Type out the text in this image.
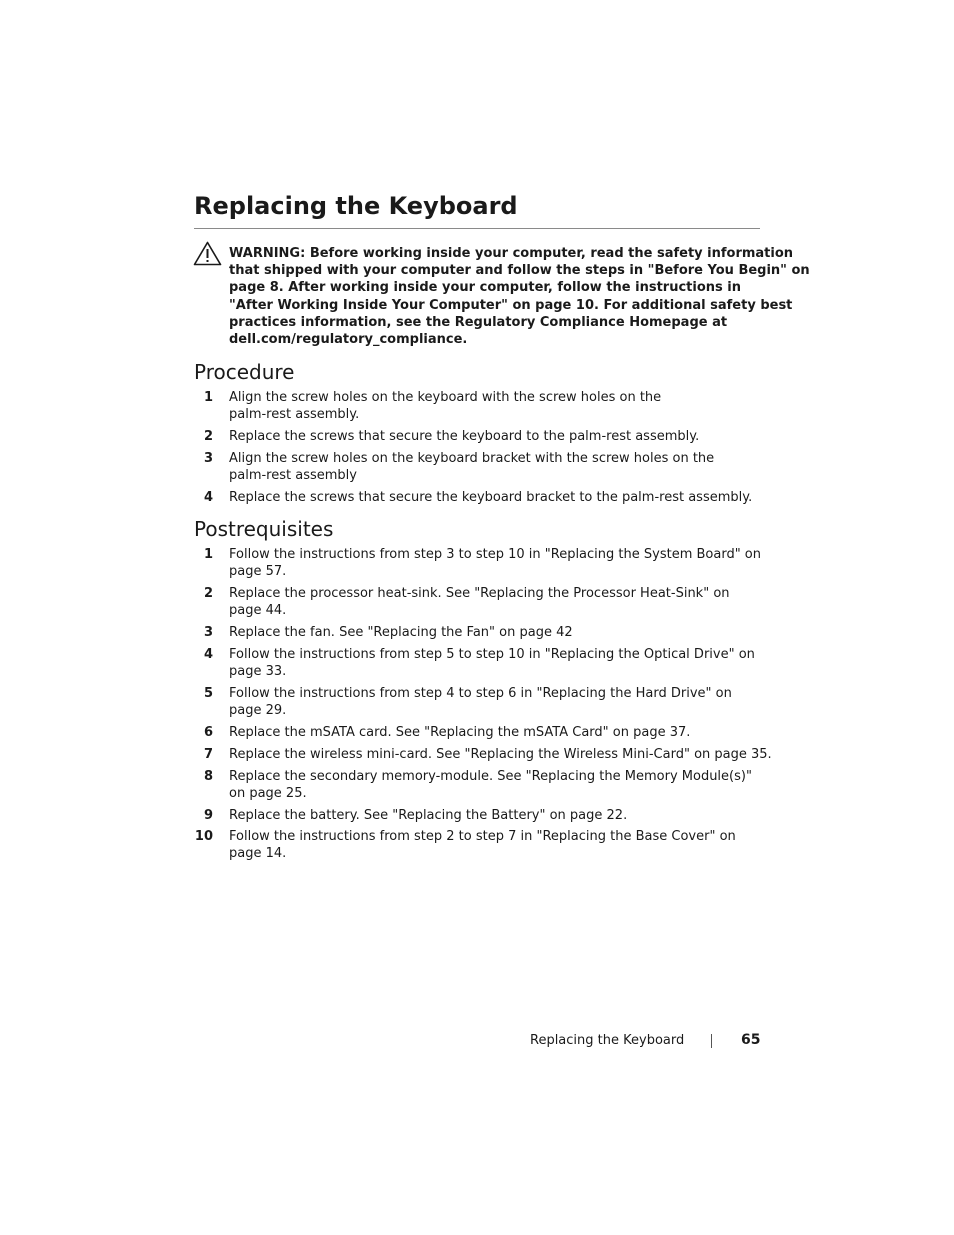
Replacing the Keyboard

WARNING: Before working inside your computer, read the safety information
that shipped with your computer and follow the steps in "Before You Begin" on
page 8. After working inside your computer, follow the instructions in
"After Working Inside Your Computer" on page 10. For additional safety best
practices information, see the Regulatory Compliance Homepage at
dell.com/regulatory_compliance.

Procedure
1 Align the screw holes on the keyboard with the screw holes on the
palm-rest assembly.
2 Replace the screws that secure the keyboard to the palm-rest assembly.
3 Align the screw holes on the keyboard bracket with the screw holes on the
palm-rest assembly
4 Replace the screws that secure the keyboard bracket to the palm-rest assembly.
Postrequisites
1 Follow the instructions from step 3 to step 10 in "Replacing the System Board" on
page 57.
2 Replace the processor heat-sink. See "Replacing the Processor Heat-Sink" on
page 44.
3 Replace the fan. See "Replacing the Fan" on page 42
4 Follow the instructions from step 5 to step 10 in "Replacing the Optical Drive" on
page 33.
5 Follow the instructions from step 4 to step 6 in "Replacing the Hard Drive" on
page 29.
6 Replace the mSATA card. See "Replacing the mSATA Card" on page 37.
7 Replace the wireless mini-card. See "Replacing the Wireless Mini-Card" on page 35.
8 Replace the secondary memory-module. See "Replacing the Memory Module(s)"
on page 25.
9 Replace the battery. See "Replacing the Battery" on page 22.
10 Follow the instructions from step 2 to step 7 in "Replacing the Base Cover" on
page 14.
Replacing the Keyboard	65
